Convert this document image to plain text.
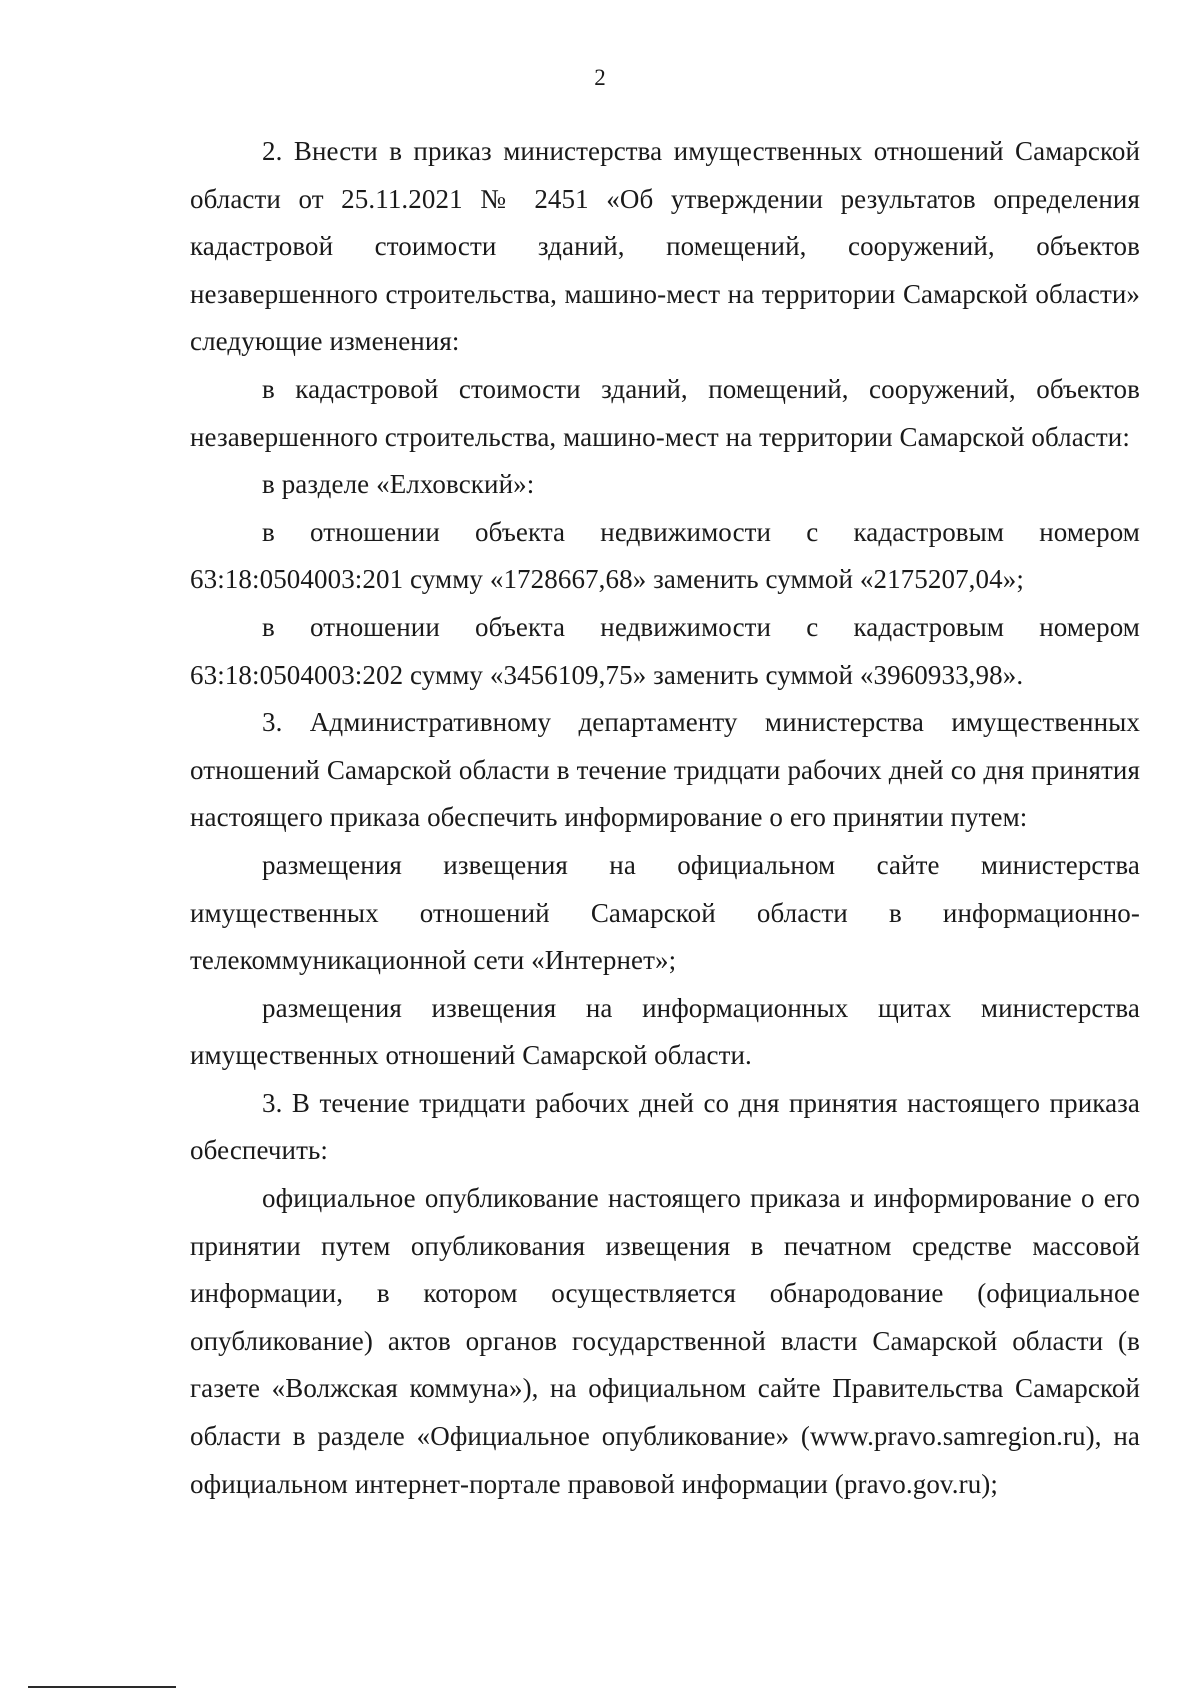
2

2. Внести в приказ министерства имущественных отношений Самарской области от 25.11.2021 № 2451 «Об утверждении результатов определения кадастровой стоимости зданий, помещений, сооружений, объектов незавершенного строительства, машино-мест на территории Самарской области» следующие изменения:

в кадастровой стоимости зданий, помещений, сооружений, объектов незавершенного строительства, машино-мест на территории Самарской области:

в разделе «Елховский»:

в отношении объекта недвижимости с кадастровым номером 63:18:0504003:201 сумму «1728667,68» заменить суммой «2175207,04»;

в отношении объекта недвижимости с кадастровым номером 63:18:0504003:202 сумму «3456109,75» заменить суммой «3960933,98».

3. Административному департаменту министерства имущественных отношений Самарской области в течение тридцати рабочих дней со дня принятия настоящего приказа обеспечить информирование о его принятии путем:

размещения извещения на официальном сайте министерства имущественных отношений Самарской области в информационно-телекоммуникационной сети «Интернет»;

размещения извещения на информационных щитах министерства имущественных отношений Самарской области.

3. В течение тридцати рабочих дней со дня принятия настоящего приказа обеспечить:

официальное опубликование настоящего приказа и информирование о его принятии путем опубликования извещения в печатном средстве массовой информации, в котором осуществляется обнародование (официальное опубликование) актов органов государственной власти Самарской области (в газете «Волжская коммуна»), на официальном сайте Правительства Самарской области в разделе «Официальное опубликование» (www.pravo.samregion.ru), на официальном интернет-портале правовой информации (pravo.gov.ru);
